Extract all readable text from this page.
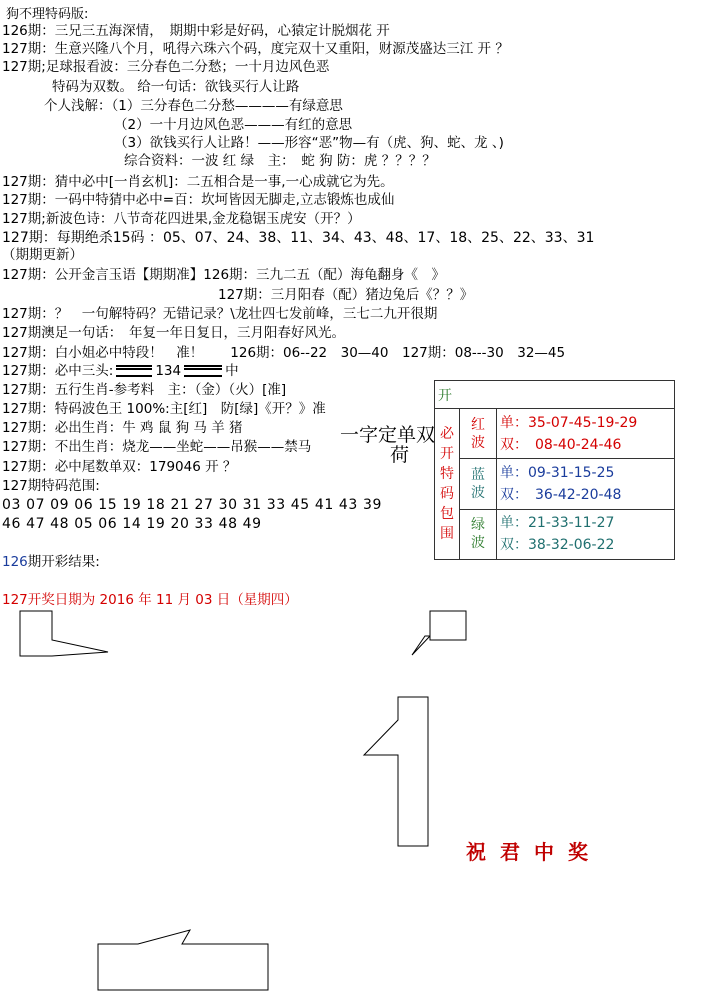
狗不理特码版:
126期：三兄三五海深情，　期期中彩是好码，心猿定计脱烟花 开
127期：生意兴隆八个月，吼得六珠六个码，度完双十又重阳，财源茂盛达三江 开 ？
127期;足球报看波：三分春色二分愁；一十月边风色恶
特码为双数。 给一句话：欲钱买行人让路
个人浅解：（1）三分春色二分愁————有绿意思
（2）一十月边风色恶———有红的意思
（3）欲钱买行人让路！——形容“恶”物—有（虎、狗、蛇、龙 、)
综合资料：一波 红 绿　主：　蛇 狗 防：虎 ？？？？
127期：猜中必中[一肖玄机]：二五相合是一事,一心成就它为先。
127期：一码中特猜中必中=百：坎坷皆因无脚走,立志锻炼也成仙
127期;新波色诗：八节奇花四进果,金龙稳锯玉虎安（开？）
127期：每期绝杀15码 ：05、07、24、38、11、34、43、48、17、18、25、22、33、31
（期期更新）
127期：公开金言玉语【期期准】126期：三九二五（配）海龟翻身《　》
127期：三月阳春（配）猪边兔后《？？》
127期：？　一句解特码？无错记录？\龙壮四七发前峰，三七二九开很期
127期澳足一句话：　年复一年日复日，三月阳春好风光。
127期：白小姐必中特段！　准！　　126期：06--22　30—40　127期：08---30　32—45
127期：必中三头:	134	中
127期：五行生肖-参考料　主：（金）（火）[准]
127期：特码波色王 100%:主[红]　防[绿]《开？》准
127期：必出生肖：牛 鸡 鼠 狗 马 羊 猪
127期：不出生肖：烧龙——坐蛇——吊猴——禁马
127期：必中尾数单双：179046 开 ？
127期特码范围:
03 07 09 06 15 19 18 21 27 30 31 33 45 41 43 39
46 47 48 05 06 14 19 20 33 48 49
126期开彩结果:
127开奖日期为 2016 年 11 月 03 日（星期四）
一字定单双
荷
开		
必开特码包围	红波	单：35-07-45-19-29
双：　08-40-24-46

	蓝波	单：09-31-15-25
双：　36-42-20-48

	绿波	单：21-33-11-27
双：38-32-06-22
祝君中奖
